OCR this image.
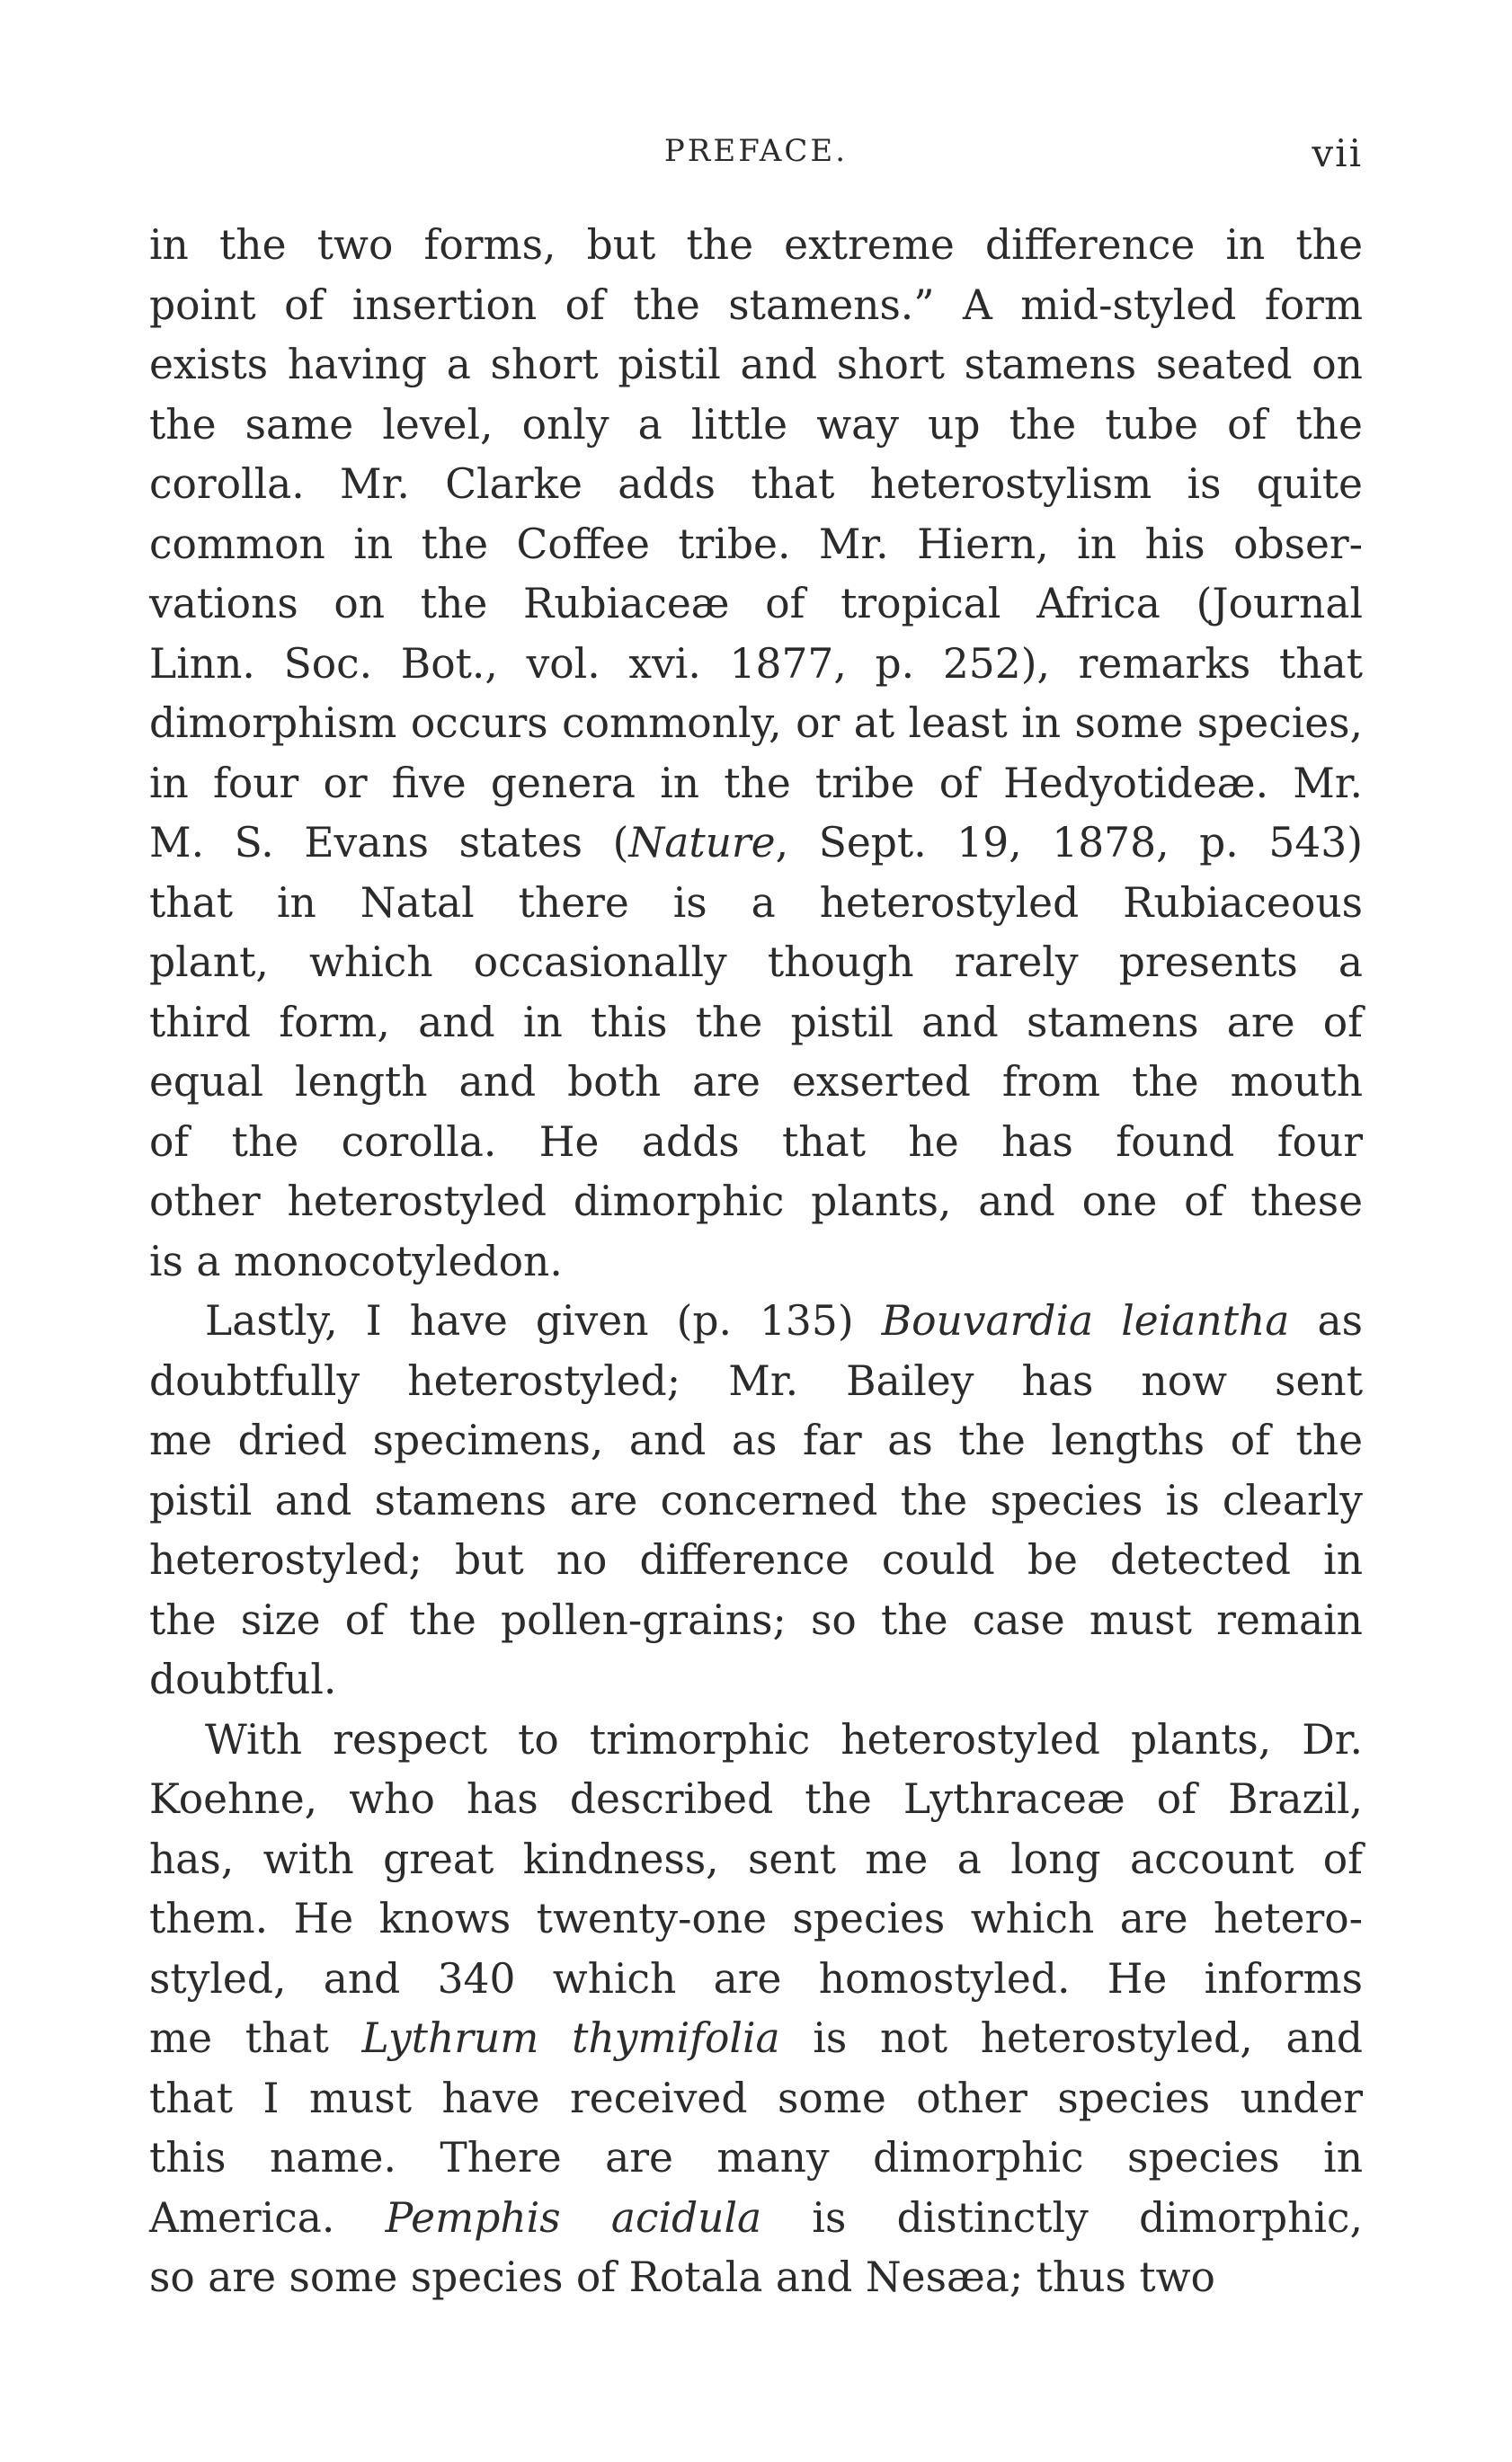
PREFACE.	vii
in the two forms, but the extreme difference in the
point of insertion of the stamens.” A mid-styled form
exists having a short pistil and short stamens seated on
the same level, only a little way up the tube of the
corolla. Mr. Clarke adds that heterostylism is quite
common in the Coffee tribe. Mr. Hiern, in his obser-
vations on the Rubiaceæ of tropical Africa (Journal
Linn. Soc. Bot., vol. xvi. 1877, p. 252), remarks that
dimorphism occurs commonly, or at least in some species,
in four or five genera in the tribe of Hedyotideæ. Mr.
M. S. Evans states (Nature, Sept. 19, 1878, p. 543)
that in Natal there is a heterostyled Rubiaceous
plant, which occasionally though rarely presents a
third form, and in this the pistil and stamens are of
equal length and both are exserted from the mouth
of the corolla. He adds that he has found four
other heterostyled dimorphic plants, and one of these
is a monocotyledon.
Lastly, I have given (p. 135) Bouvardia leiantha as
doubtfully heterostyled; Mr. Bailey has now sent
me dried specimens, and as far as the lengths of the
pistil and stamens are concerned the species is clearly
heterostyled; but no difference could be detected in
the size of the pollen-grains; so the case must remain
doubtful.
With respect to trimorphic heterostyled plants, Dr.
Koehne, who has described the Lythraceæ of Brazil,
has, with great kindness, sent me a long account of
them. He knows twenty-one species which are hetero-
styled, and 340 which are homostyled. He informs
me that Lythrum thymifolia is not heterostyled, and
that I must have received some other species under
this name. There are many dimorphic species in
America. Pemphis acidula is distinctly dimorphic,
so are some species of Rotala and Nesæa; thus two
